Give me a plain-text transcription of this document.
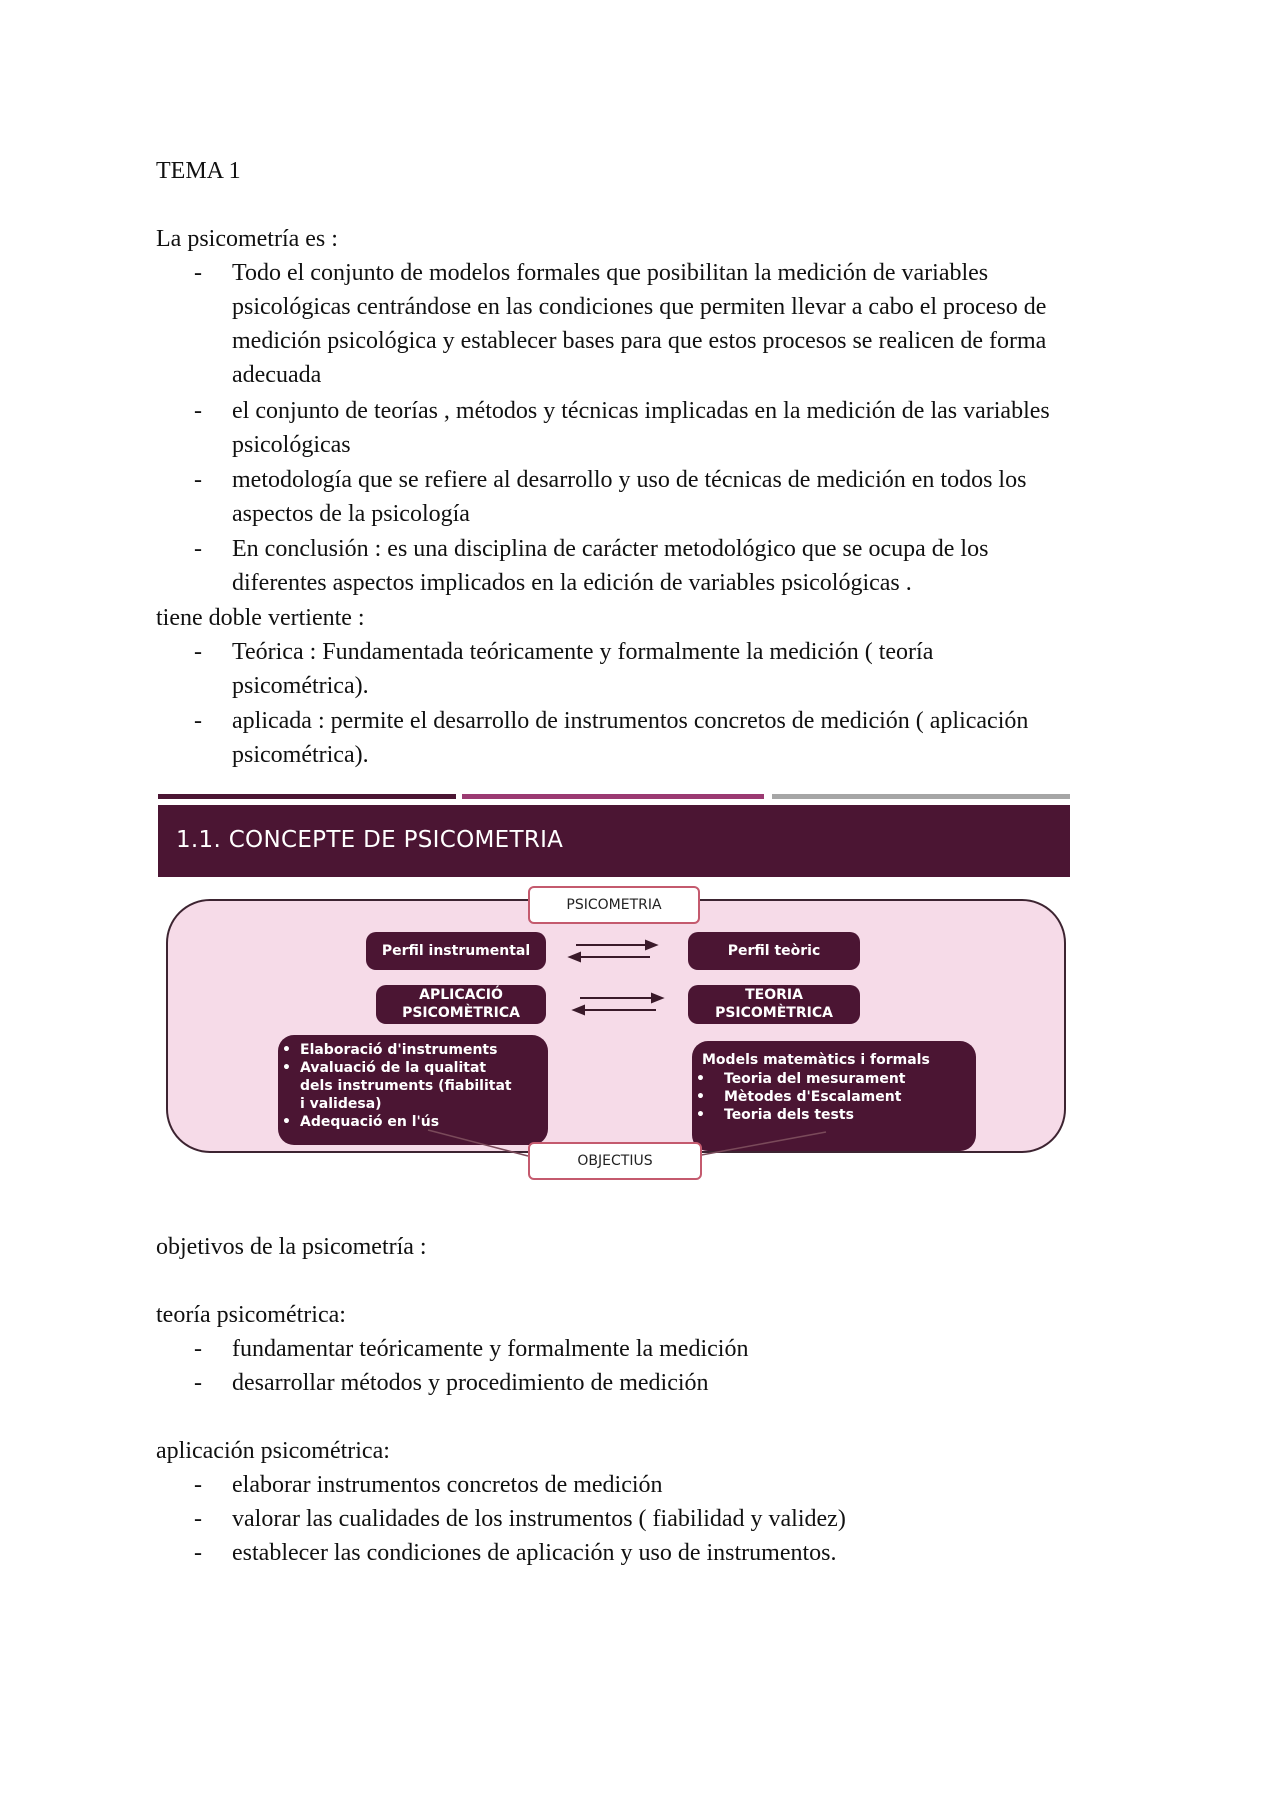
TEMA 1
La psicometría es :
- Todo el conjunto de modelos formales que posibilitan la medición de variables
psicológicas centrándose en las condiciones que permiten llevar a cabo el proceso de
medición psicológica y establecer bases para que estos procesos se realicen de forma
adecuada
- el conjunto de teorías , métodos y técnicas implicadas en la medición de las variables
psicológicas
- metodología que se refiere al desarrollo y uso de técnicas de medición en todos los
aspectos de la psicología
- En conclusión : es una disciplina de carácter metodológico que se ocupa de los
diferentes aspectos implicados en la edición de variables psicológicas .
tiene doble vertiente :
- Teórica : Fundamentada teóricamente y formalmente la medición ( teoría
psicométrica).
- aplicada : permite el desarrollo de instrumentos concretos de medición ( aplicación
psicométrica).
1.1. CONCEPTE DE PSICOMETRIA
PSICOMETRIA
Perfil instrumental	Perfil teòric
APLICACIÓ
PSICOMÈTRICA
TEORIA
PSICOMÈTRICA
• Elaboració d'instruments
• Avaluació de la qualitat
dels instruments (fiabilitat
i validesa)
• Adequació en l'ús
Models matemàtics i formals
• Teoria del mesurament
• Mètodes d'Escalament
• Teoria dels tests
OBJECTIUS
objetivos de la psicometría :
teoría psicométrica:
- fundamentar teóricamente y formalmente la medición
- desarrollar métodos y procedimiento de medición
aplicación psicométrica:
- elaborar instrumentos concretos de medición
- valorar las cualidades de los instrumentos ( fiabilidad y validez)
- establecer las condiciones de aplicación y uso de instrumentos.
